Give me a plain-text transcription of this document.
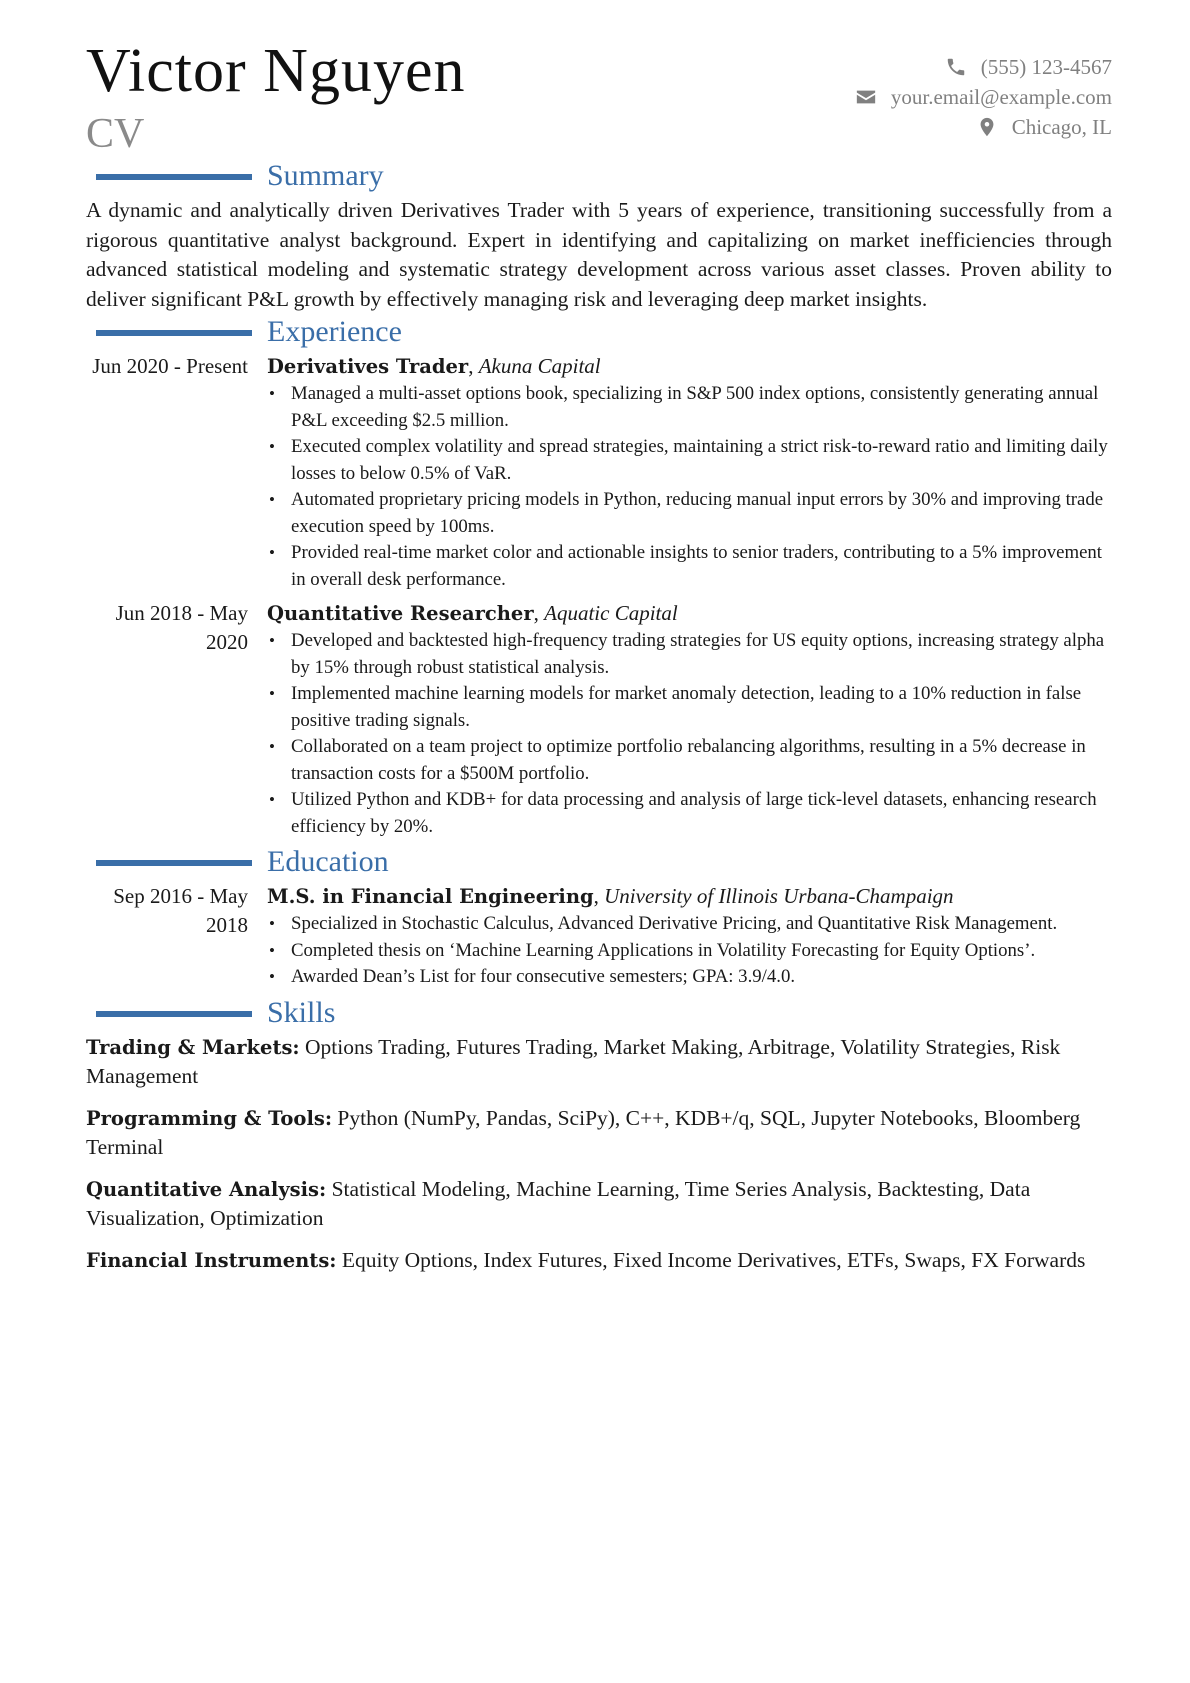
Victor Nguyen
CV
(555) 123-4567
your.email@example.com
Chicago, IL
Summary

A dynamic and analytically driven Derivatives Trader with 5 years of experience, transitioning successfully from a rigorous quantitative analyst background. Expert in identifying and capitalizing on market inefficiencies through advanced statistical modeling and systematic strategy development across various asset classes. Proven ability to deliver significant P&L growth by effectively managing risk and leveraging deep market insights.

Experience
Jun 2020 - Present Derivatives Trader, Akuna Capital
• Managed a multi-asset options book, specializing in S&P 500 index options, consistently generating annual P&L exceeding $2.5 million.
• Executed complex volatility and spread strategies, maintaining a strict risk-to-reward ratio and limiting daily losses to below 0.5% of VaR.
• Automated proprietary pricing models in Python, reducing manual input errors by 30% and improving trade execution speed by 100ms.
• Provided real-time market color and actionable insights to senior traders, contributing to a 5% improvement in overall desk performance.
Jun 2018 - May 2020
Quantitative Researcher, Aquatic Capital
• Developed and backtested high-frequency trading strategies for US equity options, increasing strategy alpha by 15% through robust statistical analysis.
• Implemented machine learning models for market anomaly detection, leading to a 10% reduction in false positive trading signals.
• Collaborated on a team project to optimize portfolio rebalancing algorithms, resulting in a 5% decrease in transaction costs for a $500M portfolio.
• Utilized Python and KDB+ for data processing and analysis of large tick-level datasets, enhancing research efficiency by 20%.
Education
Sep 2016 - May 2018
M.S. in Financial Engineering, University of Illinois Urbana-Champaign
• Specialized in Stochastic Calculus, Advanced Derivative Pricing, and Quantitative Risk Management.
• Completed thesis on ‘Machine Learning Applications in Volatility Forecasting for Equity Options’.
• Awarded Dean’s List for four consecutive semesters; GPA: 3.9/4.0.
Skills

Trading & Markets: Options Trading, Futures Trading, Market Making, Arbitrage, Volatility Strategies, Risk Management

Programming & Tools: Python (NumPy, Pandas, SciPy), C++, KDB+/q, SQL, Jupyter Notebooks, Bloomberg Terminal

Quantitative Analysis: Statistical Modeling, Machine Learning, Time Series Analysis, Backtesting, Data Visualization, Optimization

Financial Instruments: Equity Options, Index Futures, Fixed Income Derivatives, ETFs, Swaps, FX Forwards
